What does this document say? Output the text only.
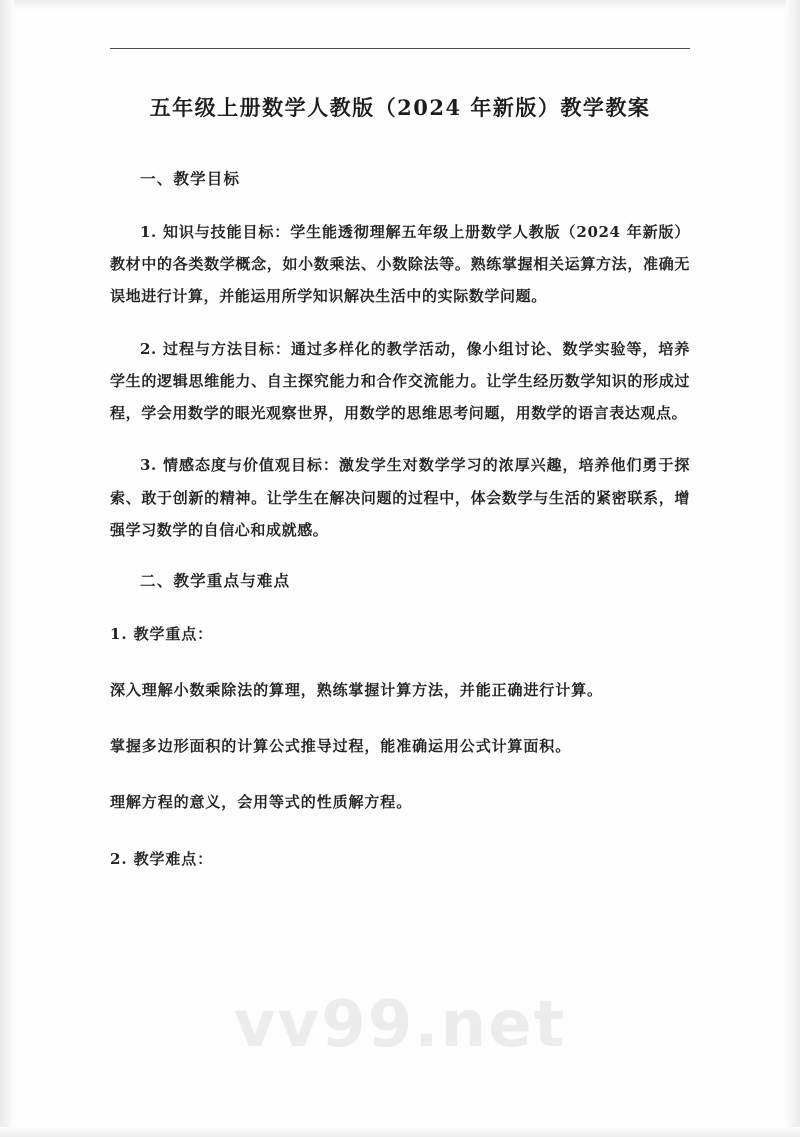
五年级上册数学人教版（2024 年新版）教学教案
一、教学目标

1. 知识与技能目标：学生能透彻理解五年级上册数学人教版（2024 年新版）教材中的各类数学概念，如小数乘法、小数除法等。熟练掌握相关运算方法，准确无误地进行计算，并能运用所学知识解决生活中的实际数学问题。

2. 过程与方法目标：通过多样化的教学活动，像小组讨论、数学实验等，培养学生的逻辑思维能力、自主探究能力和合作交流能力。让学生经历数学知识的形成过程，学会用数学的眼光观察世界，用数学的思维思考问题，用数学的语言表达观点。

3. 情感态度与价值观目标：激发学生对数学学习的浓厚兴趣，培养他们勇于探索、敢于创新的精神。让学生在解决问题的过程中，体会数学与生活的紧密联系，增强学习数学的自信心和成就感。

二、教学重点与难点

1. 教学重点：

深入理解小数乘除法的算理，熟练掌握计算方法，并能正确进行计算。

掌握多边形面积的计算公式推导过程，能准确运用公式计算面积。

理解方程的意义，会用等式的性质解方程。

2. 教学难点：

vv99.net
